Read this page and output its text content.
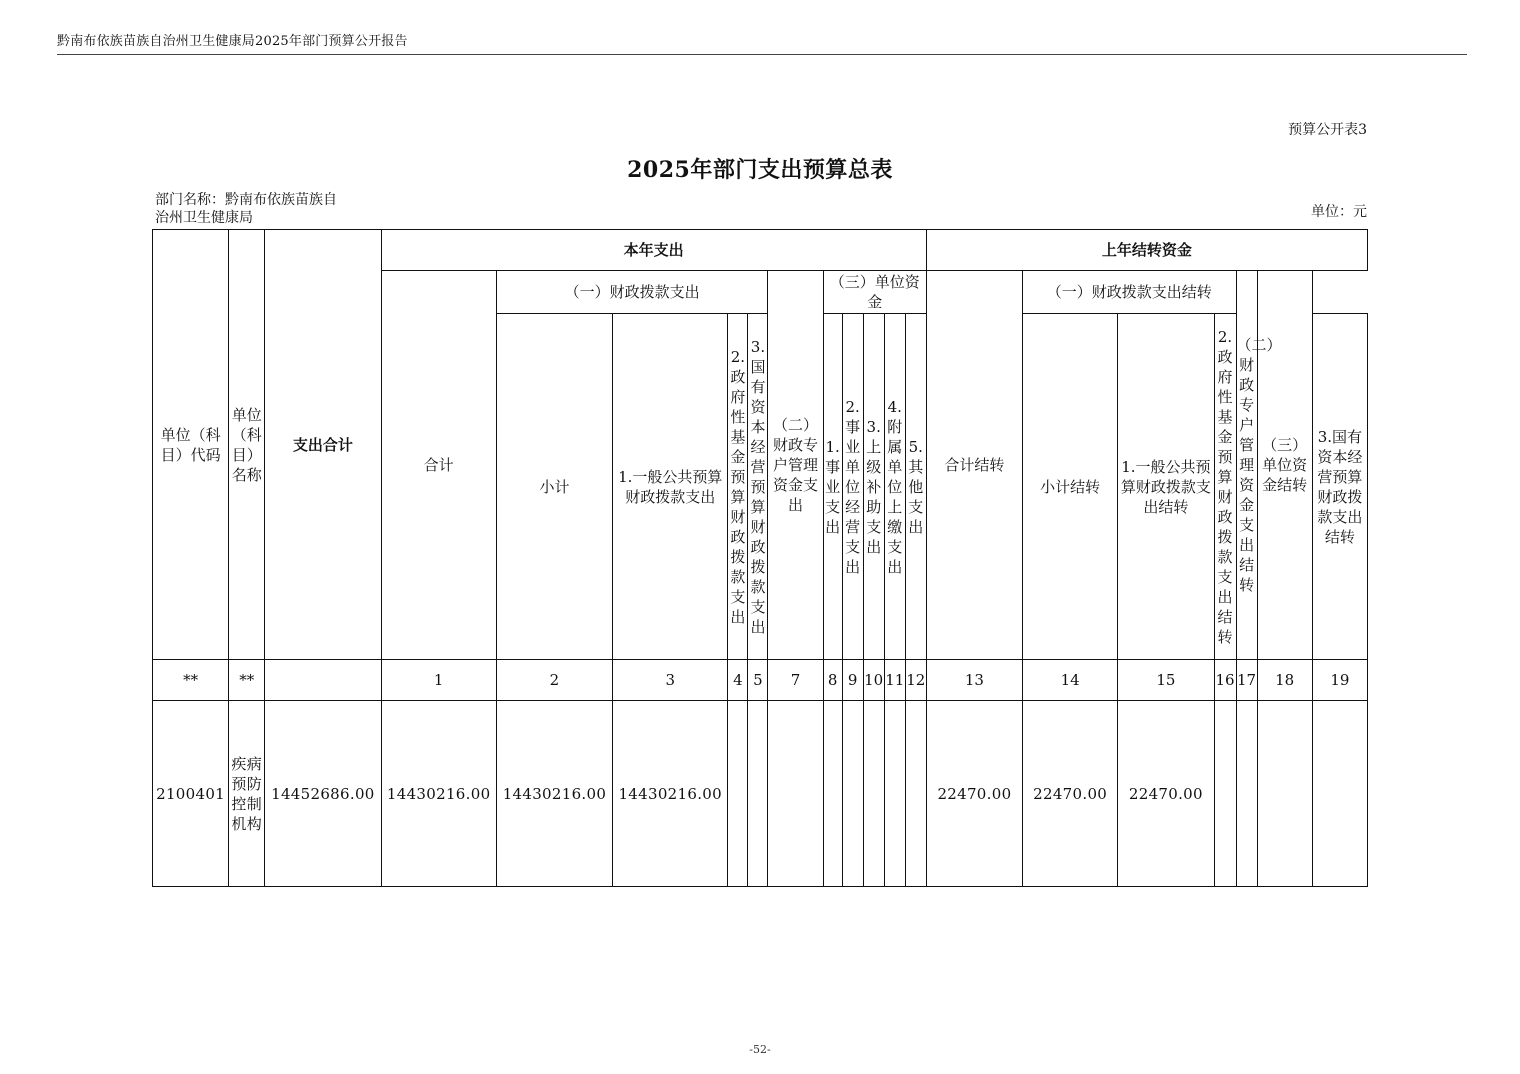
黔南布依族苗族自治州卫生健康局2025年部门预算公开报告
预算公开表3
2025年部门支出预算总表
部门名称：黔南布依族苗族自
治州卫生健康局	单位：元
单位（科目）代码	单位（科目）名称	支出合计	本年支出											上年结转资金						
			合计	（一）财政拨款支出				（二）财政专户管理资金支出	（三）单位资金					合计结转	（一）财政拨款支出结转			（二）财政专户管理资金支出结转	（三）单位资金结转	
				小计	1.一般公共预算财政拨款支出	2.政府性基金预算财政拨款支出	3.国有资本经营预算财政拨款支出		1.事业支出	2.事业单位经营支出	3.上级补助支出	4.附属单位上缴支出	5.其他支出		小计结转	1.一般公共预算财政拨款支出结转	2.政府性基金预算财政拨款支出结转			3.国有资本经营预算财政拨款支出结转
**	**		1	2	3	4	5	7	8	9	10	11	12	13	14	15	16	17	18	19
2100401	疾病预防控制机构	14452686.00	14430216.00	14430216.00	14430216.00									22470.00	22470.00	22470.00				
-52-
